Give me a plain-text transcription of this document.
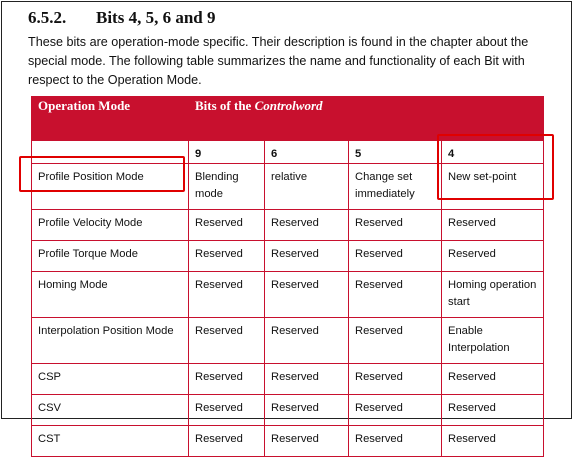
6.5.2. Bits 4, 5, 6 and 9
These bits are operation-mode specific. Their description is found in the chapter about the special mode. The following table summarizes the name and functionality of each Bit with respect to the Operation Mode.
Operation Mode	Bits of the Controlword			
	9	6	5	4
Profile Position Mode	Blending mode	relative	Change set immediately	New set-point
Profile Velocity Mode	Reserved	Reserved	Reserved	Reserved
Profile Torque Mode	Reserved	Reserved	Reserved	Reserved
Homing Mode	Reserved	Reserved	Reserved	Homing operation start
Interpolation Position Mode	Reserved	Reserved	Reserved	Enable Interpolation
CSP	Reserved	Reserved	Reserved	Reserved
CSV	Reserved	Reserved	Reserved	Reserved
CST	Reserved	Reserved	Reserved	Reserved
